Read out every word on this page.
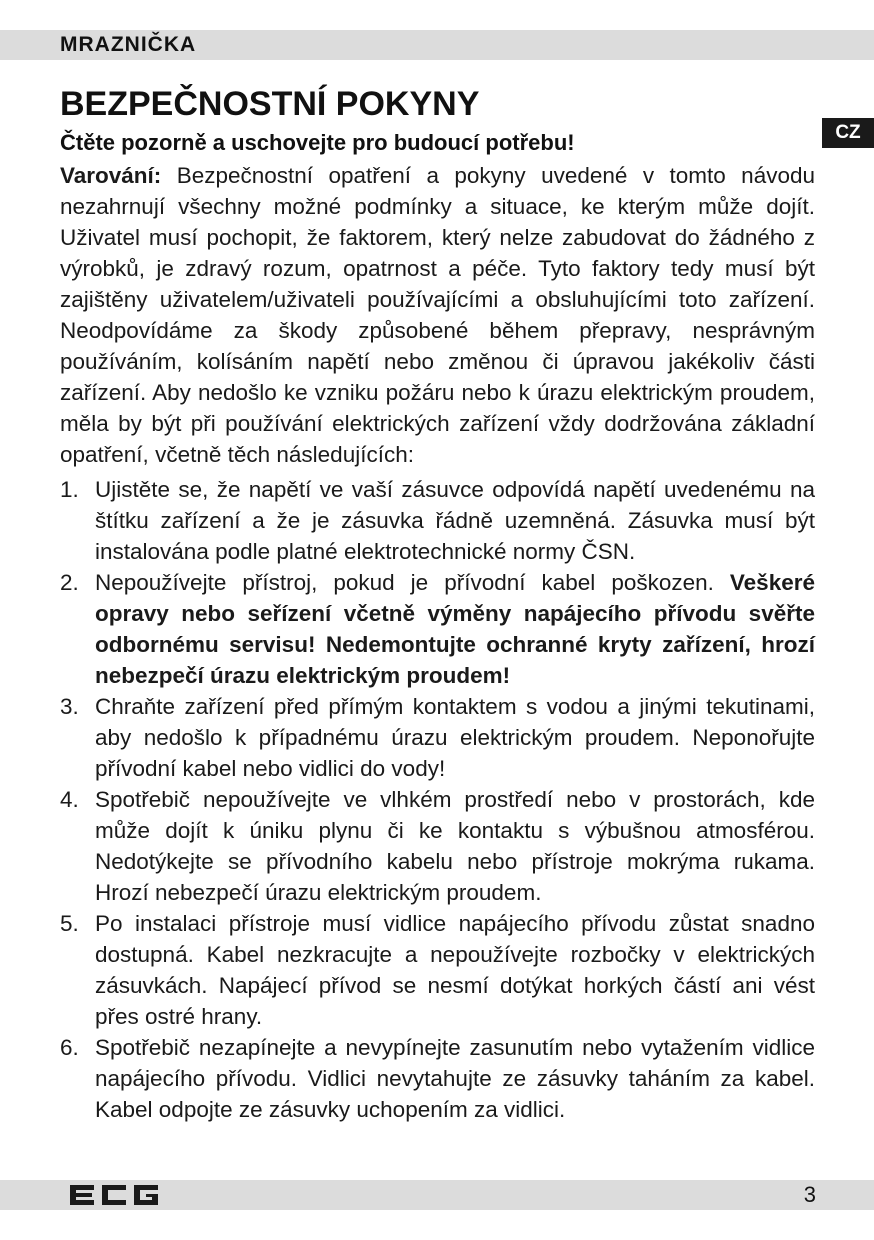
MRAZNIČKA
CZ
BEZPEČNOSTNÍ POKYNY
Čtěte pozorně a uschovejte pro budoucí potřebu!

Varování: Bezpečnostní opatření a pokyny uvedené v tomto návodu nezahrnují všechny možné podmínky a situace, ke kterým může dojít. Uživatel musí pochopit, že faktorem, který nelze zabudovat do žádného z výrobků, je zdravý rozum, opatrnost a péče. Tyto faktory tedy musí být zajištěny uživatelem/uživateli používajícími a obsluhujícími toto zařízení. Neodpovídáme za škody způsobené během přepravy, nesprávným používáním, kolísáním napětí nebo změnou či úpravou jakékoliv části zařízení. Aby nedošlo ke vzniku požáru nebo k úrazu elektrickým proudem, měla by být při používání elektrických zařízení vždy dodržována základní opatření, včetně těch následujících:

1. Ujistěte se, že napětí ve vaší zásuvce odpovídá napětí uvedenému na štítku zařízení a že je zásuvka řádně uzemněná. Zásuvka musí být instalována podle platné elektrotechnické normy ČSN.
2. Nepoužívejte přístroj, pokud je přívodní kabel poškozen. Veškeré opravy nebo seřízení včetně výměny napájecího přívodu svěřte odbornému servisu! Nedemontujte ochranné kryty zařízení, hrozí nebezpečí úrazu elektrickým proudem!
3. Chraňte zařízení před přímým kontaktem s vodou a jinými tekutinami, aby nedošlo k případnému úrazu elektrickým proudem. Neponořujte přívodní kabel nebo vidlici do vody!
4. Spotřebič nepoužívejte ve vlhkém prostředí nebo v prostorách, kde může dojít k úniku plynu či ke kontaktu s výbušnou atmosférou. Nedotýkejte se přívodního kabelu nebo přístroje mokrýma rukama. Hrozí nebezpečí úrazu elektrickým proudem.
5. Po instalaci přístroje musí vidlice napájecího přívodu zůstat snadno dostupná. Kabel nezkracujte a nepoužívejte rozbočky v elektrických zásuvkách. Napájecí přívod se nesmí dotýkat horkých částí ani vést přes ostré hrany.
6. Spotřebič nezapínejte a nevypínejte zasunutím nebo vytažením vidlice napájecího přívodu. Vidlici nevytahujte ze zásuvky taháním za kabel. Kabel odpojte ze zásuvky uchopením za vidlici.
3
